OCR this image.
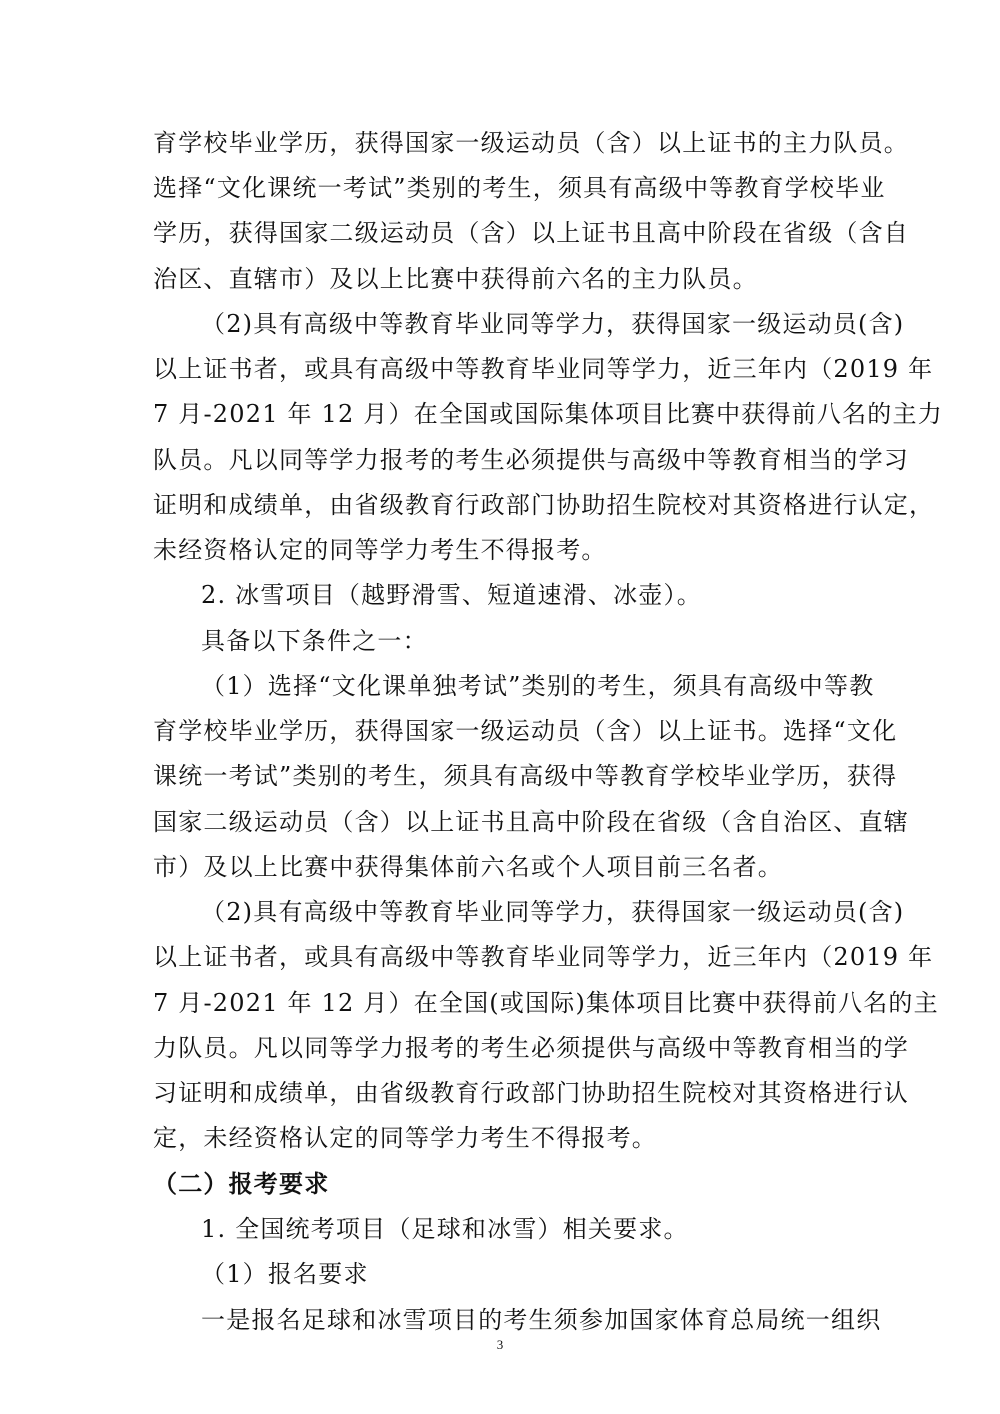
育学校毕业学历，获得国家一级运动员（含）以上证书的主力队员。
选择“文化课统一考试”类别的考生，须具有高级中等教育学校毕业
学历，获得国家二级运动员（含）以上证书且高中阶段在省级（含自
治区、直辖市）及以上比赛中获得前六名的主力队员。
（2)具有高级中等教育毕业同等学力，获得国家一级运动员(含)
以上证书者，或具有高级中等教育毕业同等学力，近三年内（2019 年
7 月-2021 年 12 月）在全国或国际集体项目比赛中获得前八名的主力
队员。凡以同等学力报考的考生必须提供与高级中等教育相当的学习
证明和成绩单，由省级教育行政部门协助招生院校对其资格进行认定，
未经资格认定的同等学力考生不得报考。
2. 冰雪项目（越野滑雪、短道速滑、冰壶）。
具备以下条件之一：
（1）选择“文化课单独考试”类别的考生，须具有高级中等教
育学校毕业学历，获得国家一级运动员（含）以上证书。选择“文化
课统一考试”类别的考生，须具有高级中等教育学校毕业学历，获得
国家二级运动员（含）以上证书且高中阶段在省级（含自治区、直辖
市）及以上比赛中获得集体前六名或个人项目前三名者。
（2)具有高级中等教育毕业同等学力，获得国家一级运动员(含)
以上证书者，或具有高级中等教育毕业同等学力，近三年内（2019 年
7 月-2021 年 12 月）在全国(或国际)集体项目比赛中获得前八名的主
力队员。凡以同等学力报考的考生必须提供与高级中等教育相当的学
习证明和成绩单，由省级教育行政部门协助招生院校对其资格进行认
定，未经资格认定的同等学力考生不得报考。
（二）报考要求
1. 全国统考项目（足球和冰雪）相关要求。
（1）报名要求
一是报名足球和冰雪项目的考生须参加国家体育总局统一组织
3
